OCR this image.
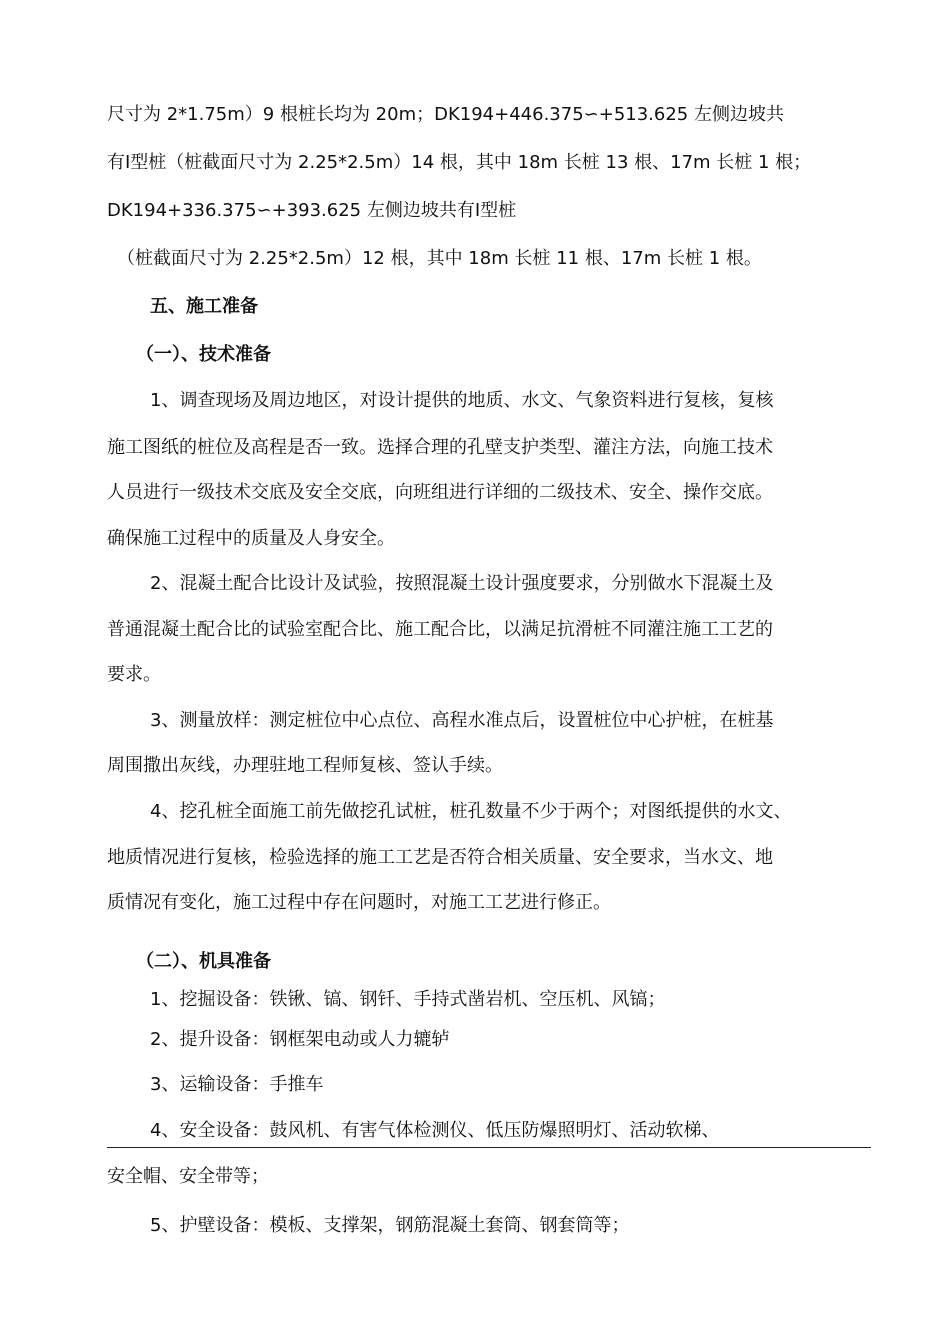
尺寸为 2*1.75m）9 根桩长均为 20m；DK194+446.375∽+513.625 左侧边坡共
有Ⅰ型桩（桩截面尺寸为 2.25*2.5m）14 根，其中 18m 长桩 13 根、17m 长桩 1 根；
DK194+336.375∽+393.625 左侧边坡共有Ⅰ型桩
（桩截面尺寸为 2.25*2.5m）12 根，其中 18m 长桩 11 根、17m 长桩 1 根。
五、施工准备
（一）、技术准备
1、调查现场及周边地区，对设计提供的地质、水文、气象资料进行复核，复核
施工图纸的桩位及高程是否一致。选择合理的孔壁支护类型、灌注方法，向施工技术
人员进行一级技术交底及安全交底，向班组进行详细的二级技术、安全、操作交底。
确保施工过程中的质量及人身安全。
2、混凝土配合比设计及试验，按照混凝土设计强度要求，分别做水下混凝土及
普通混凝土配合比的试验室配合比、施工配合比，以满足抗滑桩不同灌注施工工艺的
要求。
3、测量放样：测定桩位中心点位、高程水准点后，设置桩位中心护桩，在桩基
周围撒出灰线，办理驻地工程师复核、签认手续。
4、挖孔桩全面施工前先做挖孔试桩，桩孔数量不少于两个；对图纸提供的水文、
地质情况进行复核，检验选择的施工工艺是否符合相关质量、安全要求，当水文、地
质情况有变化，施工过程中存在问题时，对施工工艺进行修正。
（二）、机具准备
1、挖掘设备：铁锹、镐、钢钎、手持式凿岩机、空压机、风镐；
2、提升设备：钢框架电动或人力辘轳
3、运输设备：手推车
4、安全设备：鼓风机、有害气体检测仪、低压防爆照明灯、活动软梯、
安全帽、安全带等；
5、护壁设备：模板、支撑架，钢筋混凝土套筒、钢套筒等；
